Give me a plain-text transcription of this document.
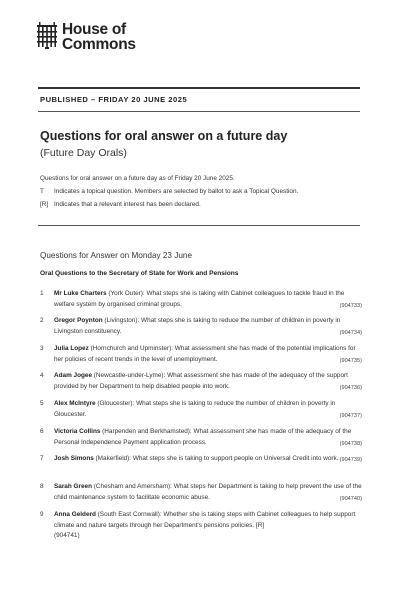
House of
Commons
PUBLISHED – FRIDAY 20 JUNE 2025
Questions for oral answer on a future day
(Future Day Orals)
Questions for oral answer on a future day as of Friday 20 June 2025.
T Indicates a topical question. Members are selected by ballot to ask a Topical Question.
[R] Indicates that a relevant interest has been declared.
Questions for Answer on Monday 23 June
Oral Questions to the Secretary of State for Work and Pensions
1 Mr Luke Charters (York Outer): What steps she is taking with Cabinet colleagues to tackle fraud in the welfare system by organised criminal groups.	(904733)
2 Gregor Poynton (Livingston): What steps she is taking to reduce the number of children in poverty in Livingston constituency.	(904734)
3 Julia Lopez (Hornchurch and Upminster): What assessment she has made of the potential implications for her policies of recent trends in the level of unemployment.	(904735)
4 Adam Jogee (Newcastle-under-Lyme): What assessment she has made of the adequacy of the support provided by her Department to help disabled people into work.	(904736)
5 Alex McIntyre (Gloucester): What steps she is taking to reduce the number of children in poverty in Gloucester.	(904737)
6 Victoria Collins (Harpenden and Berkhamsted): What assessment she has made of the adequacy of the Personal Independence Payment application process.	(904738)
7 Josh Simons (Makerfield): What steps she is taking to support people on Universal Credit into work. (904739)
8 Sarah Green (Chesham and Amersham): What steps her Department is taking to help prevent the use of the child maintenance system to facilitate economic abuse.	(904740)
9 Anna Gelderd (South East Cornwall): Whether she is taking steps with Cabinet colleagues to help support climate and nature targets through her Department's pensions policies. [R]
(904741)
